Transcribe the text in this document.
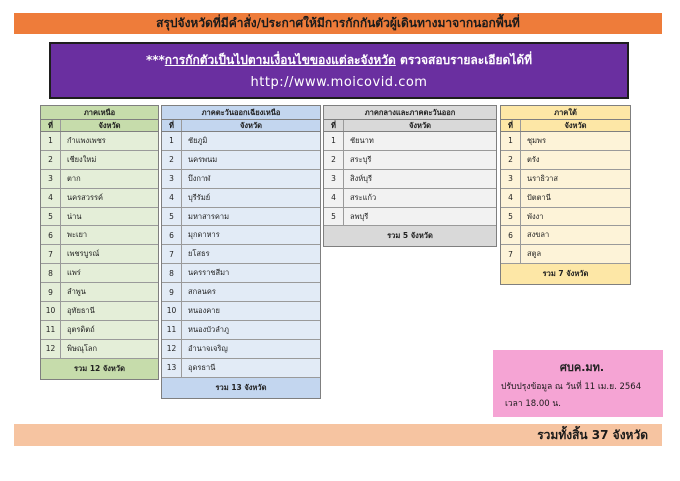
สรุปจังหวัดที่มีคำสั่ง/ประกาศให้มีการกักกันตัวผู้เดินทางมาจากนอกพื้นที่
***การกักตัวเป็นไปตามเงื่อนไขของแต่ละจังหวัด ตรวจสอบรายละเอียดได้ที่
http://www.moicovid.com
ภาคเหนือ
ที่	จังหวัด
1	กำแพงเพชร
2	เชียงใหม่
3	ตาก
4	นครสวรรค์
5	น่าน
6	พะเยา
7	เพชรบูรณ์
8	แพร่
9	ลำพูน
10	อุทัยธานี
11	อุตรดิตถ์
12	พิษณุโลก
รวม 12 จังหวัด
ภาคตะวันออกเฉียงเหนือ
ที่	จังหวัด
1	ชัยภูมิ
2	นครพนม
3	บึงกาฬ
4	บุรีรัมย์
5	มหาสารคาม
6	มุกดาหาร
7	ยโสธร
8	นครราชสีมา
9	สกลนคร
10	หนองคาย
11	หนองบัวลำภู
12	อำนาจเจริญ
13	อุดรธานี
รวม 13 จังหวัด
ภาคกลางและภาคตะวันออก
ที่	จังหวัด
1	ชัยนาท
2	สระบุรี
3	สิงห์บุรี
4	สระแก้ว
5	ลพบุรี
รวม 5 จังหวัด
ภาคใต้
ที่	จังหวัด
1	ชุมพร
2	ตรัง
3	นราธิวาส
4	ปัตตานี
5	พังงา
6	สงขลา
7	สตูล
รวม 7 จังหวัด
ศบค.มท.
ปรับปรุงข้อมูล ณ วันที่ 11 เม.ย. 2564
เวลา 18.00 น.
รวมทั้งสิ้น 37 จังหวัด
